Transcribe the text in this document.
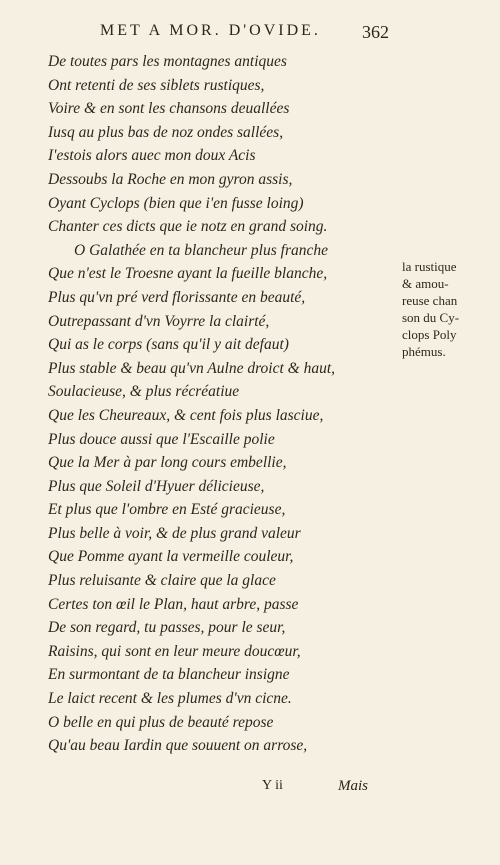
MET A MOR. D'OVIDE.	362
De toutes pars les montagnes antiques
Ont retenti de ses siblets rustiques,
Voire & en sont les chansons deuallées
Iusq au plus bas de noz ondes sallées,
I'estois alors auec mon doux Acis
Dessoubs la Roche en mon gyron assis,
Oyant Cyclops (bien que i'en fusse loing)
Chanter ces dicts que ie notz en grand soing.
O Galathée en ta blancheur plus franche
Que n'est le Troesne ayant la fueille blanche,
Plus qu'vn pré verd florissante en beauté,
Outrepassant d'vn Voyrre la clairté,
Qui as le corps (sans qu'il y ait defaut)
Plus stable & beau qu'vn Aulne droict & haut,
Soulacieuse, & plus récréatiue
Que les Cheureaux, & cent fois plus lasciue,
Plus douce aussi que l'Escaille polie
Que la Mer à par long cours embellie,
Plus que Soleil d'Hyuer délicieuse,
Et plus que l'ombre en Esté gracieuse,
Plus belle à voir, & de plus grand valeur
Que Pomme ayant la vermeille couleur,
Plus reluisante & claire que la glace
Certes ton œil le Plan, haut arbre, passe
De son regard, tu passes, pour le seur,
Raisins, qui sont en leur meure doucœur,
En surmontant de ta blancheur insigne
Le laict recent & les plumes d'vn cicne.
O belle en qui plus de beauté repose
Qu'au beau Iardin que souuent on arrose,
la rustique
& amou-
reuse chan
son du Cy-
clops Poly
phémus.
Y ii	Mais
